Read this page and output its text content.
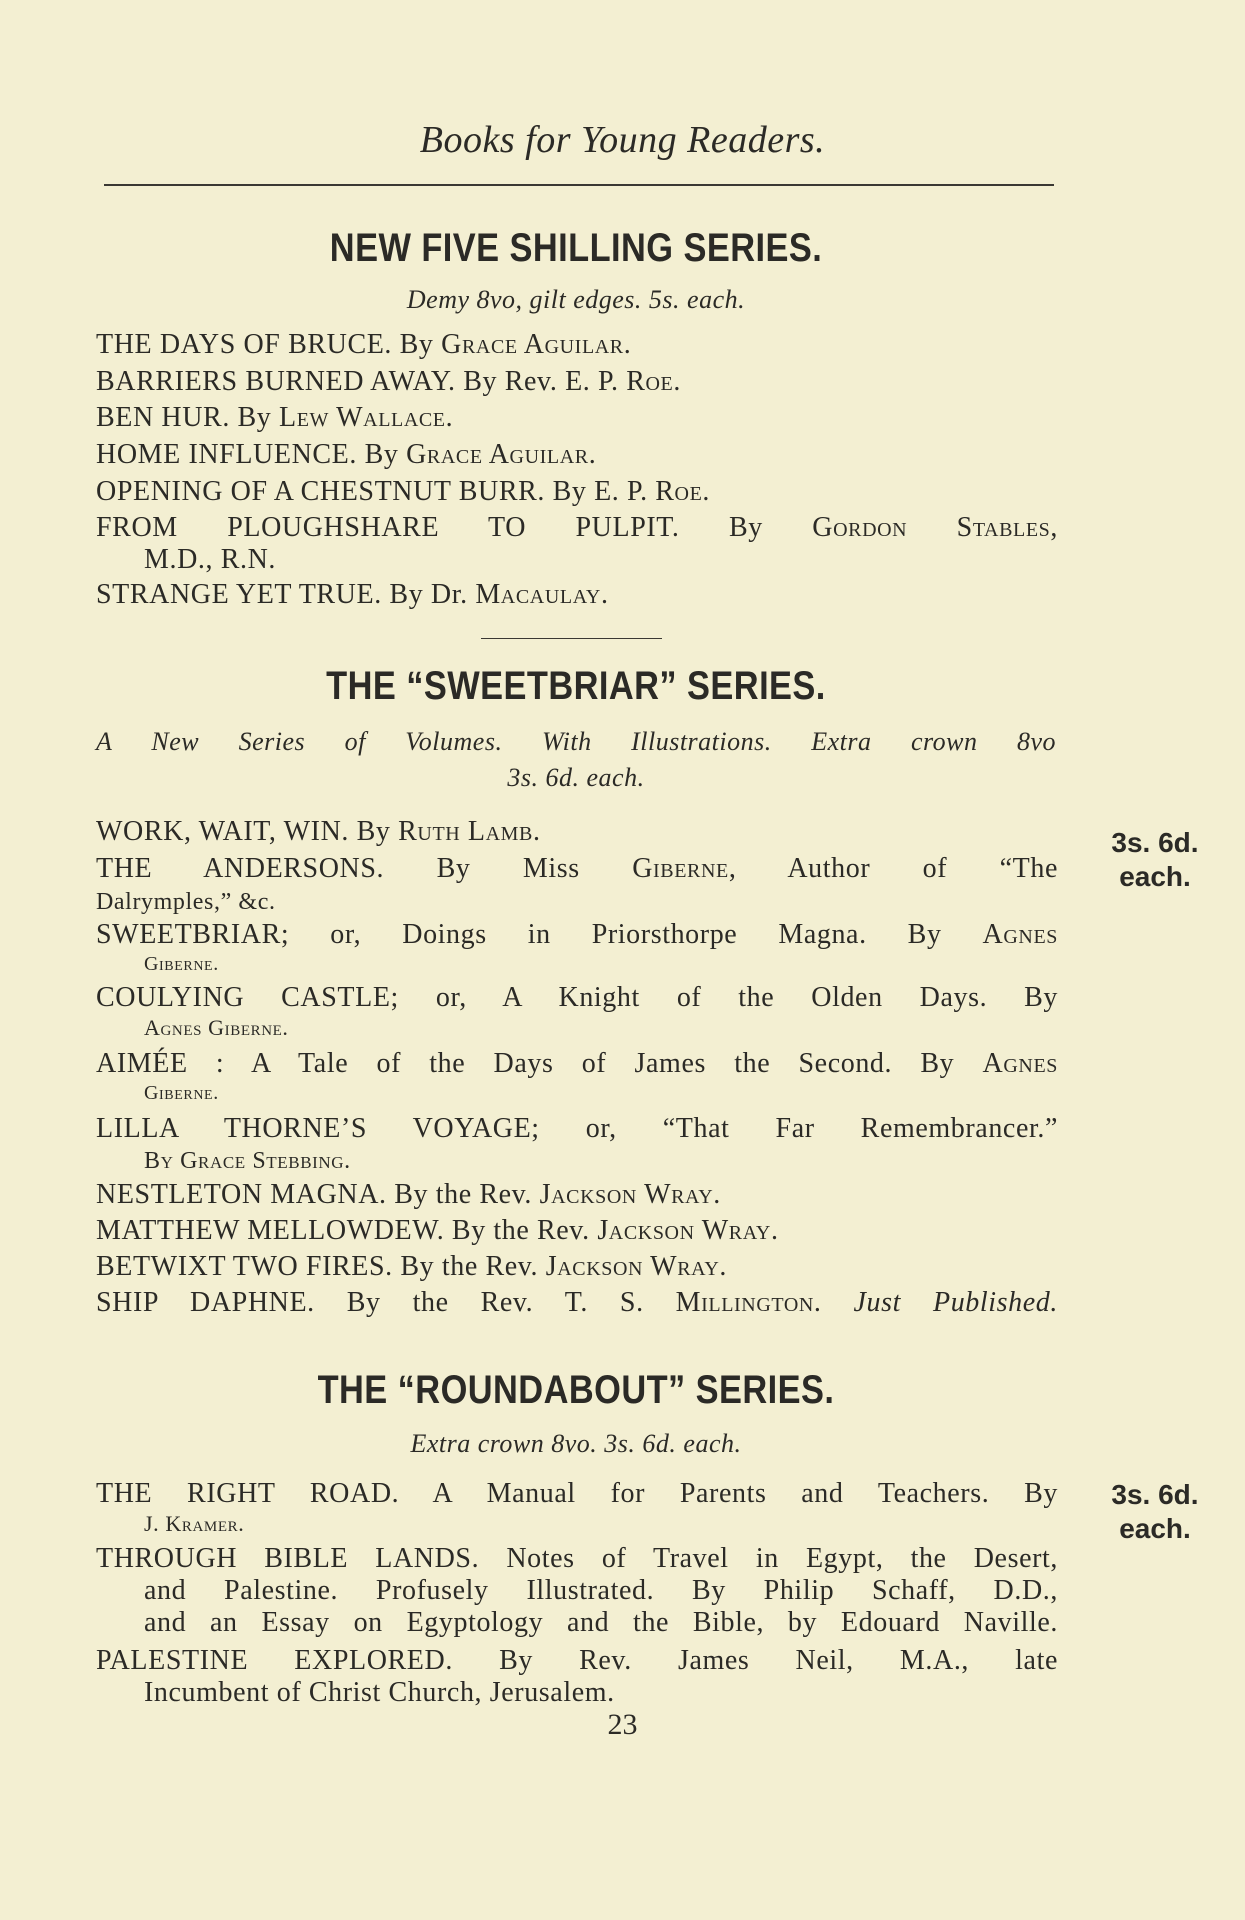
Books for Young Readers.
NEW FIVE SHILLING SERIES.
Demy 8vo, gilt edges. 5s. each.
THE DAYS OF BRUCE. By Grace Aguilar.
BARRIERS BURNED AWAY. By Rev. E. P. Roe.
BEN HUR. By Lew Wallace.
HOME INFLUENCE. By Grace Aguilar.
OPENING OF A CHESTNUT BURR. By E. P. Roe.
FROM PLOUGHSHARE TO PULPIT. By Gordon Stables,
M.D., R.N.
STRANGE YET TRUE. By Dr. Macaulay.
THE “SWEETBRIAR” SERIES.
A New Series of Volumes. With Illustrations. Extra crown 8vo
3s. 6d. each.
3s. 6d.
each.
WORK, WAIT, WIN. By Ruth Lamb.
THE ANDERSONS. By Miss Giberne, Author of “The
Dalrymples,” &c.
SWEETBRIAR; or, Doings in Priorsthorpe Magna. By Agnes
Giberne.
COULYING CASTLE; or, A Knight of the Olden Days. By
Agnes Giberne.
AIMÉE : A Tale of the Days of James the Second. By Agnes
Giberne.
LILLA THORNE’S VOYAGE; or, “That Far Remembrancer.”
By Grace Stebbing.
NESTLETON MAGNA. By the Rev. Jackson Wray.
MATTHEW MELLOWDEW. By the Rev. Jackson Wray.
BETWIXT TWO FIRES. By the Rev. Jackson Wray.
SHIP DAPHNE. By the Rev. T. S. Millington. Just Published.
THE “ROUNDABOUT” SERIES.
Extra crown 8vo. 3s. 6d. each.
3s. 6d.
each.
THE RIGHT ROAD. A Manual for Parents and Teachers. By
J. Kramer.
THROUGH BIBLE LANDS. Notes of Travel in Egypt, the Desert,
and Palestine. Profusely Illustrated. By Philip Schaff, D.D.,
and an Essay on Egyptology and the Bible, by Edouard Naville.
PALESTINE EXPLORED. By Rev. James Neil, M.A., late
Incumbent of Christ Church, Jerusalem.
23
